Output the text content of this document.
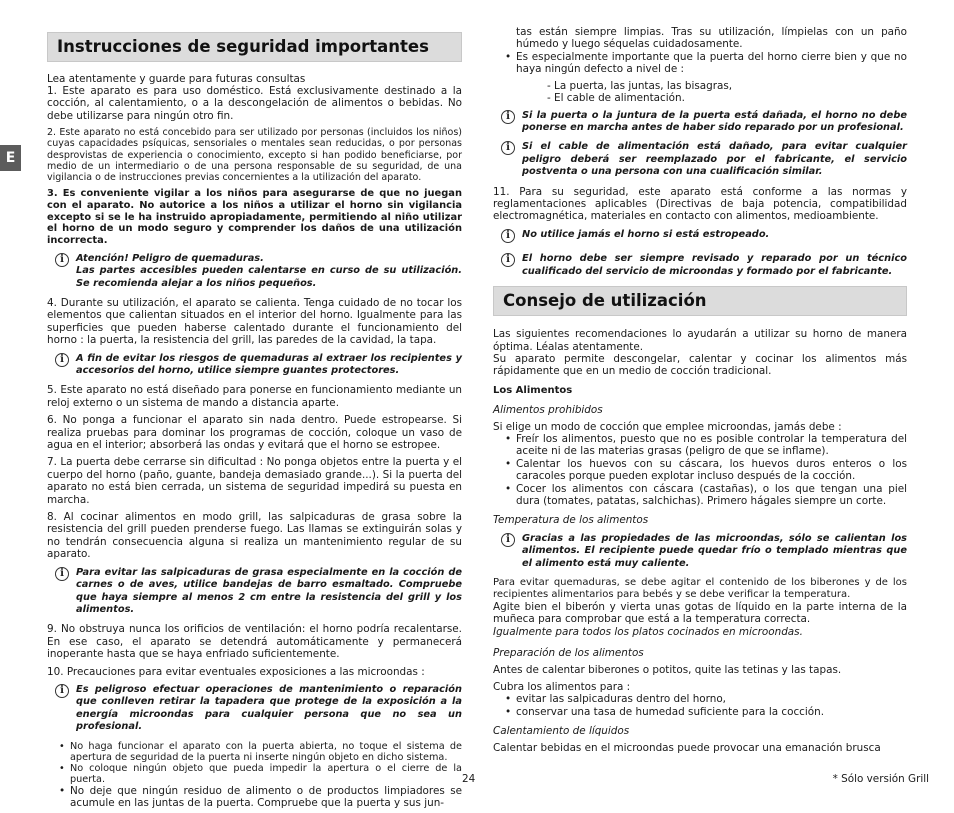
E
Instrucciones de seguridad importantes
Lea atentamente y guarde para futuras consultas

1. Este aparato es para uso doméstico. Está exclusivamente destinado a la cocción, al calentamiento, o a la descongelación de alimentos o bebidas. No debe utilizarse para ningún otro fin.

2. Este aparato no está concebido para ser utilizado por personas (incluidos los niños) cuyas capacidades psíquicas, sensoriales o mentales sean reducidas, o por personas desprovistas de experiencia o conocimiento, excepto si han podido beneficiarse, por medio de un intermediario o de una persona responsable de su seguridad, de una vigilancia o de instrucciones previas concernientes a la utilización del aparato.

3. Es conveniente vigilar a los niños para asegurarse de que no juegan con el aparato. No autorice a los niños a utilizar el horno sin vigilancia excepto si se le ha instruido apropiadamente, permitiendo al niño utilizar el horno de un modo seguro y comprender los daños de una utilización incorrecta.

i	Atención! Peligro de quemaduras.
Las partes accesibles pueden calentarse en curso de su utilización. Se recomienda alejar a los niños pequeños.

4. Durante su utilización, el aparato se calienta. Tenga cuidado de no tocar los elementos que calientan situados en el interior del horno. Igualmente para las superficies que pueden haberse calentado durante el funcionamiento del horno : la puerta, la resistencia del grill, las paredes de la cavidad, la tapa.

i	A fin de evitar los riesgos de quemaduras al extraer los recipientes y accesorios del horno, utilice siempre guantes protectores.

5. Este aparato no está diseñado para ponerse en funcionamiento mediante un reloj externo o un sistema de mando a distancia aparte.

6. No ponga a funcionar el aparato sin nada dentro. Puede estropearse. Si realiza pruebas para dominar los programas de cocción, coloque un vaso de agua en el interior; absorberá las ondas y evitará que el horno se estropee.

7. La puerta debe cerrarse sin dificultad : No ponga objetos entre la puerta y el cuerpo del horno (paño, guante, bandeja demasiado grande...). Si la puerta del aparato no está bien cerrada, un sistema de seguridad impedirá su puesta en marcha.

8. Al cocinar alimentos en modo grill, las salpicaduras de grasa sobre la resistencia del grill pueden prenderse fuego. Las llamas se extinguirán solas y no tendrán consecuencia alguna si realiza un mantenimiento regular de su aparato.

i	Para evitar las salpicaduras de grasa especialmente en la cocción de carnes o de aves, utilice bandejas de barro esmaltado. Compruebe que haya siempre al menos 2 cm entre la resistencia del grill y los alimentos.

9. No obstruya nunca los orificios de ventilación: el horno podría recalentarse. En ese caso, el aparato se detendrá automáticamente y permanecerá inoperante hasta que se haya enfriado suficientemente.

10. Precauciones para evitar eventuales exposiciones a las microondas :

i	Es peligroso efectuar operaciones de mantenimiento o reparación que conlleven retirar la tapadera que protege de la exposición a la energía microondas para cualquier persona que no sea un profesional.
• No haga funcionar el aparato con la puerta abierta, no toque el sistema de apertura de seguridad de la puerta ni inserte ningún objeto en dicho sistema.
• No coloque ningún objeto que pueda impedir la apertura o el cierre de la puerta.
• No deje que ningún residuo de alimento o de productos limpiadores se acumule en las juntas de la puerta. Compruebe que la puerta y sus jun-
tas están siempre limpias. Tras su utilización, límpielas con un paño húmedo y luego séquelas cuidadosamente.
• Es especialmente importante que la puerta del horno cierre bien y que no haya ningún defecto a nivel de :
- La puerta, las juntas, las bisagras,
- El cable de alimentación.
i	Si la puerta o la juntura de la puerta está dañada, el horno no debe ponerse en marcha antes de haber sido reparado por un profesional.
i	Si el cable de alimentación está dañado, para evitar cualquier peligro deberá ser reemplazado por el fabricante, el servicio postventa o una persona con una cualificación similar.

11. Para su seguridad, este aparato está conforme a las normas y reglamentaciones aplicables (Directivas de baja potencia, compatibilidad electromagnética, materiales en contacto con alimentos, medioambiente.

i	No utilice jamás el horno si está estropeado.
i	El horno debe ser siempre revisado y reparado por un técnico cualificado del servicio de microondas y formado por el fabricante.
Consejo de utilización
Las siguientes recomendaciones lo ayudarán a utilizar su horno de manera óptima. Léalas atentamente.

Su aparato permite descongelar, calentar y cocinar los alimentos más rápidamente que en un medio de cocción tradicional.

Los Alimentos
Alimentos prohibidos
Si elige un modo de cocción que emplee microondas, jamás debe :
• Freír los alimentos, puesto que no es posible controlar la temperatura del aceite ni de las materias grasas (peligro de que se inflame).
• Calentar los huevos con su cáscara, los huevos duros enteros o los caracoles porque pueden explotar incluso después de la cocción.
• Cocer los alimentos con cáscara (castañas), o los que tengan una piel dura (tomates, patatas, salchichas). Primero hágales siempre un corte.
Temperatura de los alimentos
i	Gracias a las propiedades de las microondas, sólo se calientan los alimentos. El recipiente puede quedar frío o templado mientras que el alimento está muy caliente.
Para evitar quemaduras, se debe agitar el contenido de los biberones y de los recipientes alimentarios para bebés y se debe verificar la temperatura.
Agite bien el biberón y vierta unas gotas de líquido en la parte interna de la muñeca para comprobar que está a la temperatura correcta.
Igualmente para todos los platos cocinados en microondas.
Preparación de los alimentos

Antes de calentar biberones o potitos, quite las tetinas y las tapas.

Cubra los alimentos para :
• evitar las salpicaduras dentro del horno,
• conservar una tasa de humedad suficiente para la cocción.
Calentamiento de líquidos
Calentar bebidas en el microondas puede provocar una emanación brusca
24	* Sólo versión Grill
